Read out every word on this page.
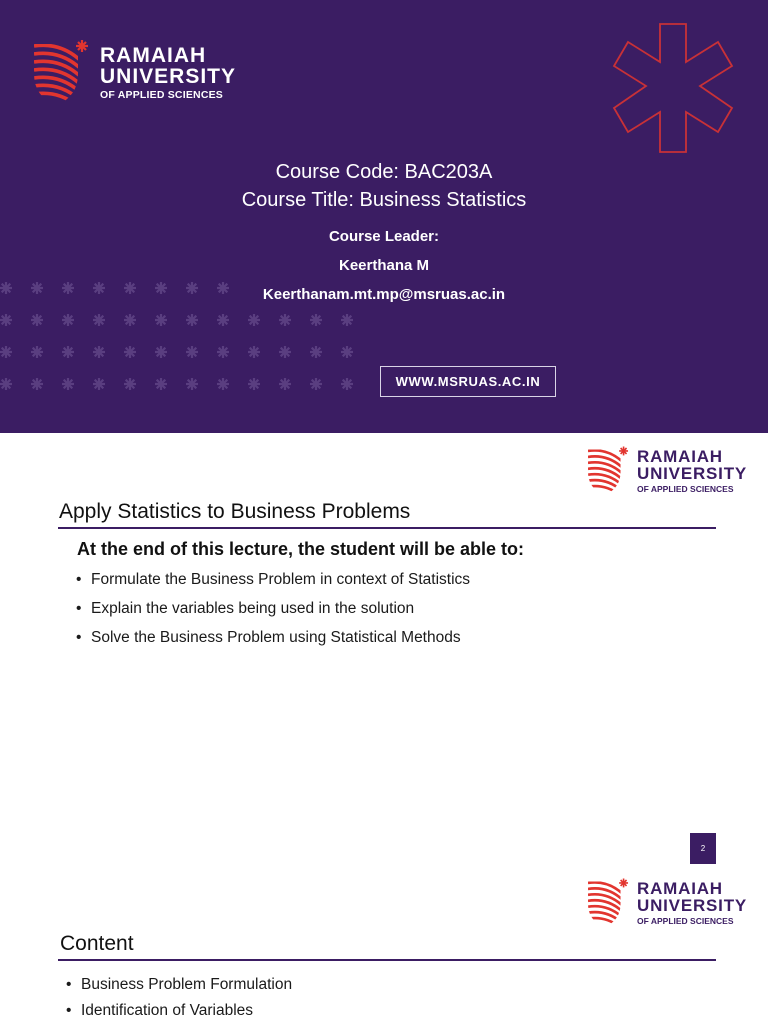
RAMAIAH
UNIVERSITY
OF APPLIED SCIENCES
Course Code: BAC203A
Course Title: Business Statistics
Course Leader:
Keerthana M
Keerthanam.mt.mp@msruas.ac.in
WWW.MSRUAS.AC.IN
RAMAIAH
UNIVERSITY
OF APPLIED SCIENCES
Apply Statistics to Business Problems
At the end of this lecture, the student will be able to:
• Formulate the Business Problem in context of Statistics
• Explain the variables being used in the solution
• Solve the Business Problem using Statistical Methods
2
RAMAIAH
UNIVERSITY
OF APPLIED SCIENCES
Content
• Business Problem Formulation
• Identification of Variables
